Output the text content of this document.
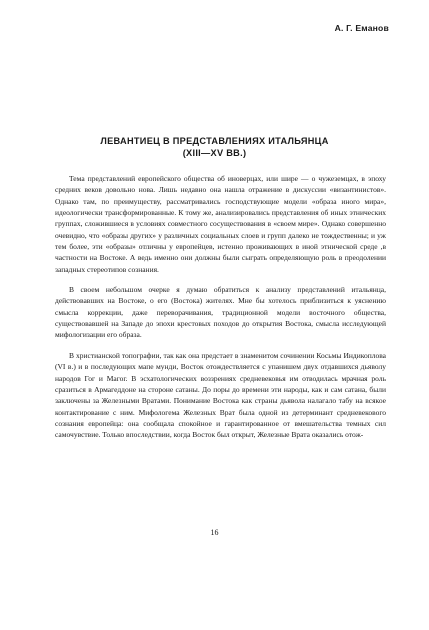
А. Г. Еманов
ЛЕВАНТИЕЦ В ПРЕДСТАВЛЕНИЯХ ИТАЛЬЯНЦА
(XIII—XV ВВ.)

Тема представлений европейского общества об иноверцах, или шире — о чужеземцах, в эпоху средних веков довольно нова. Лишь недавно она нашла отражение в дискуссии «византинистов». Однако там, по преимуществу, рассматривались господствующие модели «образа иного мира», идеологически трансформированные. К тому же, анализировались представления об иных этнических группах, сложившиеся в условиях совместного сосуществования в «своем мире». Однако совершенно очевидно, что «образы других» у различных социальных слоев и групп далеко не тождественны; и уж тем более, эти «образы» отличны у европейцев, истенно проживающих в иной этнической среде ,в частности на Востоке. А ведь именно они должны были сыграть определяющую роль в преодолении западных стереотипов сознания.

В своем небольшом очерке я думаю обратиться к анализу представлений итальянца, действовавших на Востоке, о его (Востока) жителях. Мне бы хотелось приблизиться к уяснению смысла коррекции, даже переворачивания, традиционной модели восточного общества, существовавшей на Западе до эпохи крестовых походов до открытия Востока, смысла исследующей мифологизации его образа.

В христианской топографии, так как она предстает в знаменитом сочинении Косьмы Индикоплова (VI в.) и в последующих мапе мунди, Восток отождествляется с упанишем двух отдавшихся дьяволу народов Гог и Магог. В эсхатологических воззрениях средневековья им отводилась мрачная роль сразиться в Армагеддоне на стороне сатаны. До поры до времени эти народы, как и сам сатана, были заключены за Железными Вратами. Понимание Востока как страны дьявола налагало табу на всякое контактирование с ним. Мифологема Железных Врат была одной из детерминант средневекового сознания европейца: она сообщала спокойное и гарантированное от вмешательства темных сил самочувствие. Только впоследствии, когда Восток был открыт, Железные Врата оказались отож-

16
